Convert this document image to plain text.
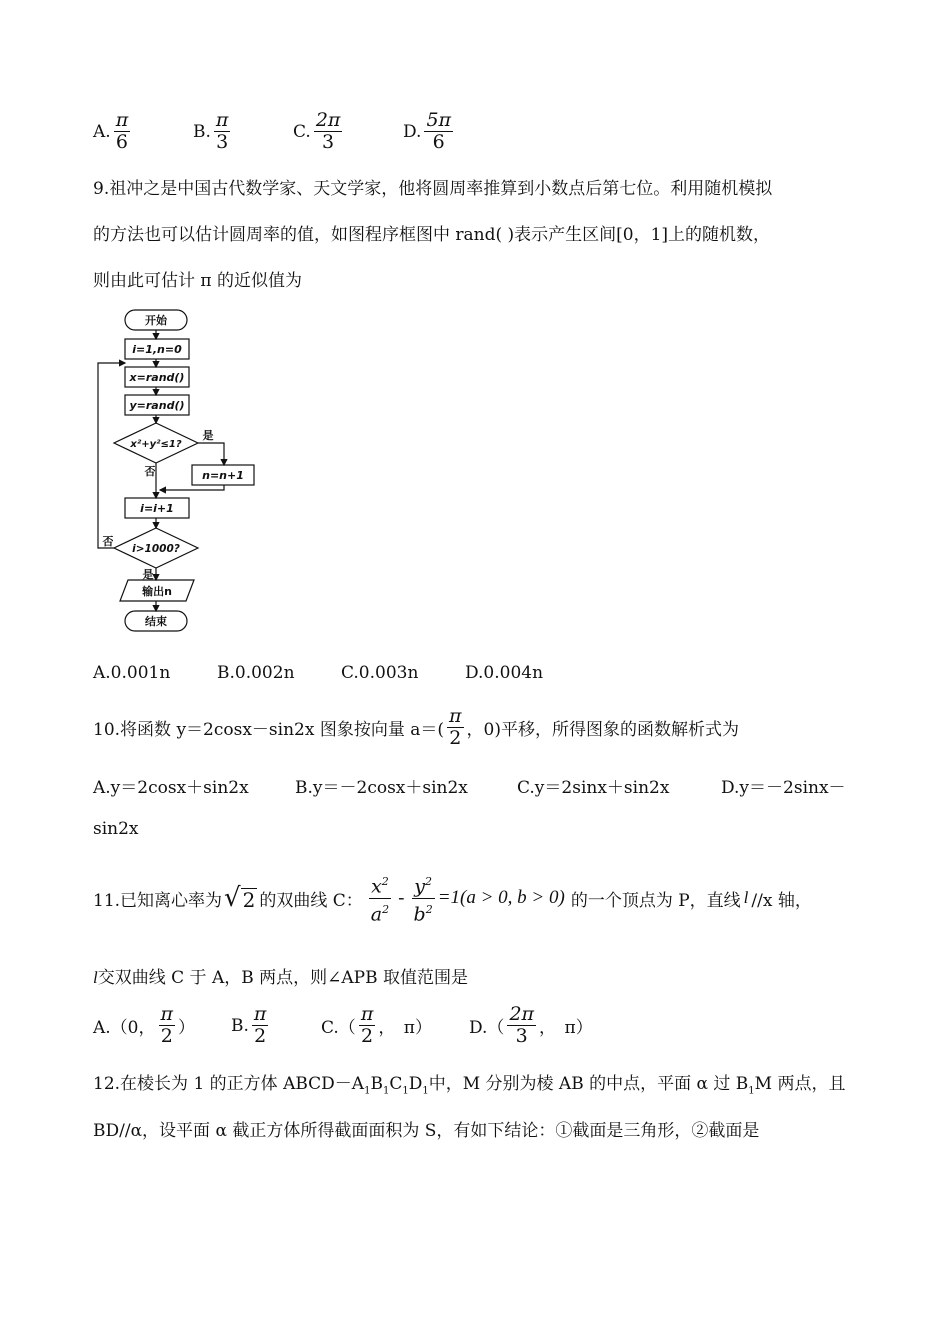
A. $\frac{\pi}{6}$	B. $\frac{\pi}{3}$	C. $\frac{2\pi}{3}$	D. $\frac{5\pi}{6}$
9.祖冲之是中国古代数学家、天文学家，他将圆周率推算到小数点后第七位。利用随机模拟
的方法也可以估计圆周率的值，如图程序框图中 rand( )表示产生区间[0，1]上的随机数，
则由此可估计 π 的近似值为
开始
i=1,n=0
x=rand()
y=rand()
x²+y²≤1?
是
否	n=n+1
i=i+1
i>1000?
否
是
输出n
结束
A.0.001n	B.0.002n	C.0.003n	D.0.004n
10.将函数 y＝2cosx－sin2x 图象按向量 $a=( \frac{\pi}{2}$ ，0)平移，所得图象的函数解析式为
A.y＝2cosx＋sin2x	B.y＝－2cosx＋sin2x	C.y＝2sinx＋sin2x	D.y＝－2sinx－
sin2x
11.已知离心率为 √ 2 的双曲线 C： $\frac{x^2}{a^2} - \frac{y^2}{b^2} =1(a > 0$, b > 0) 的一个顶点为 P，直线 l //x 轴，
l交双曲线 C 于 A，B 两点，则∠APB 取值范围是
A.（0， $\frac{\pi}{2}$ ） B. $\frac{\pi}{2}$	$C.( \frac{\pi}{2}$ ，　π） $D.( \frac{2\pi}{3}$ ，　π）
12.在棱长为 1 的正方体 $ABCD-A_1B_1C_1D_1$中，M 分别为棱 AB 的中点，平面 α 过 $B_1M$ 两点，且
BD//α，设平面 α 截正方体所得截面面积为 S，有如下结论：①截面是三角形，②截面是
